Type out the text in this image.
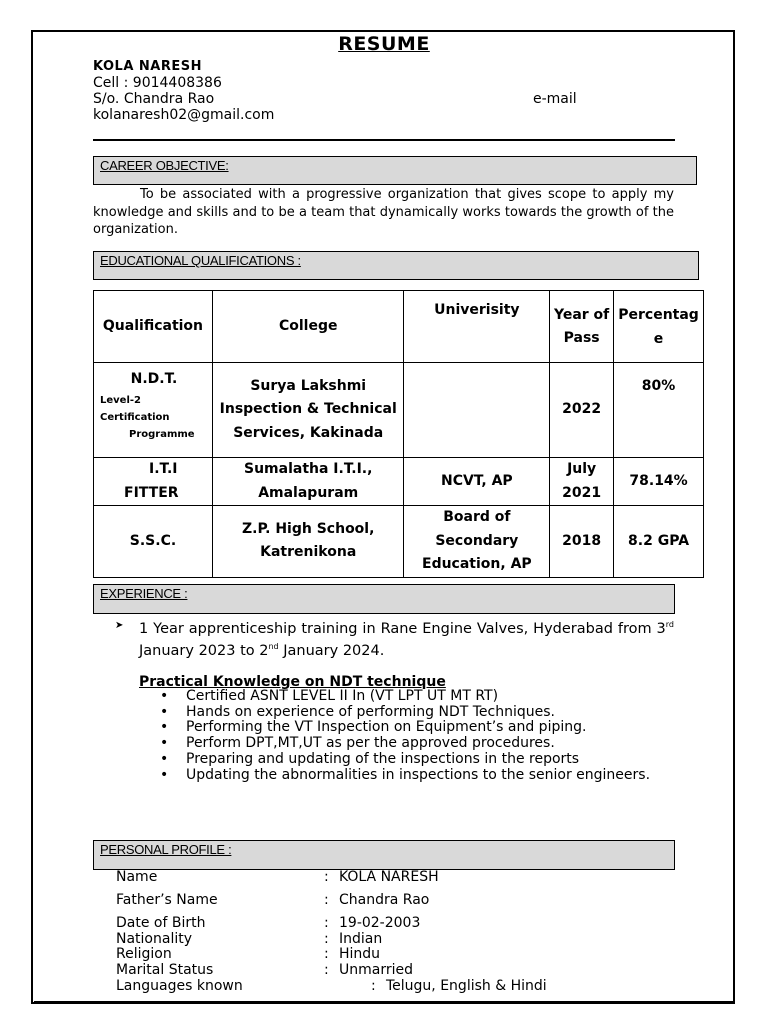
RESUME
KOLA NARESH
Cell : 9014408386
S/o. Chandra Rao	e-mail
kolanaresh02@gmail.com
CAREER OBJECTIVE:
To be associated with a progressive organization that gives scope to apply my knowledge and skills and to be a team that dynamically works towards the growth of the organization.
EDUCATIONAL QUALIFICATIONS :
Qualification	College	Univerisity	Year of Pass	Percentage

N.D.T.
Level-2
Certification
Programme	Surya Lakshmi Inspection & Technical Services, Kakinada		2022	80%

I.T.I
FITTER	Sumalatha I.T.I., Amalapuram	NCVT, AP	July 2021	78.14%
S.S.C.	Z.P. High School, Katrenikona	Board of Secondary Education, AP	2018	8.2 GPA
EXPERIENCE :
➤ 1 Year apprenticeship training in Rane Engine Valves, Hyderabad from 3rd January 2023 to 2nd January 2024.
Practical Knowledge on NDT technique
• Certified ASNT LEVEL II In (VT LPT UT MT RT)
• Hands on experience of performing NDT Techniques.
• Performing the VT Inspection on Equipment’s and piping.
• Perform DPT,MT,UT as per the approved procedures.
• Preparing and updating of the inspections in the reports
• Updating the abnormalities in inspections to the senior engineers.
PERSONAL PROFILE :
Name	: KOLA NARESH
Father’s Name	: Chandra Rao
Date of Birth	: 19-02-2003
Nationality	: Indian
Religion	: Hindu
Marital Status	: Unmarried
Languages known	: Telugu, English & Hindi
